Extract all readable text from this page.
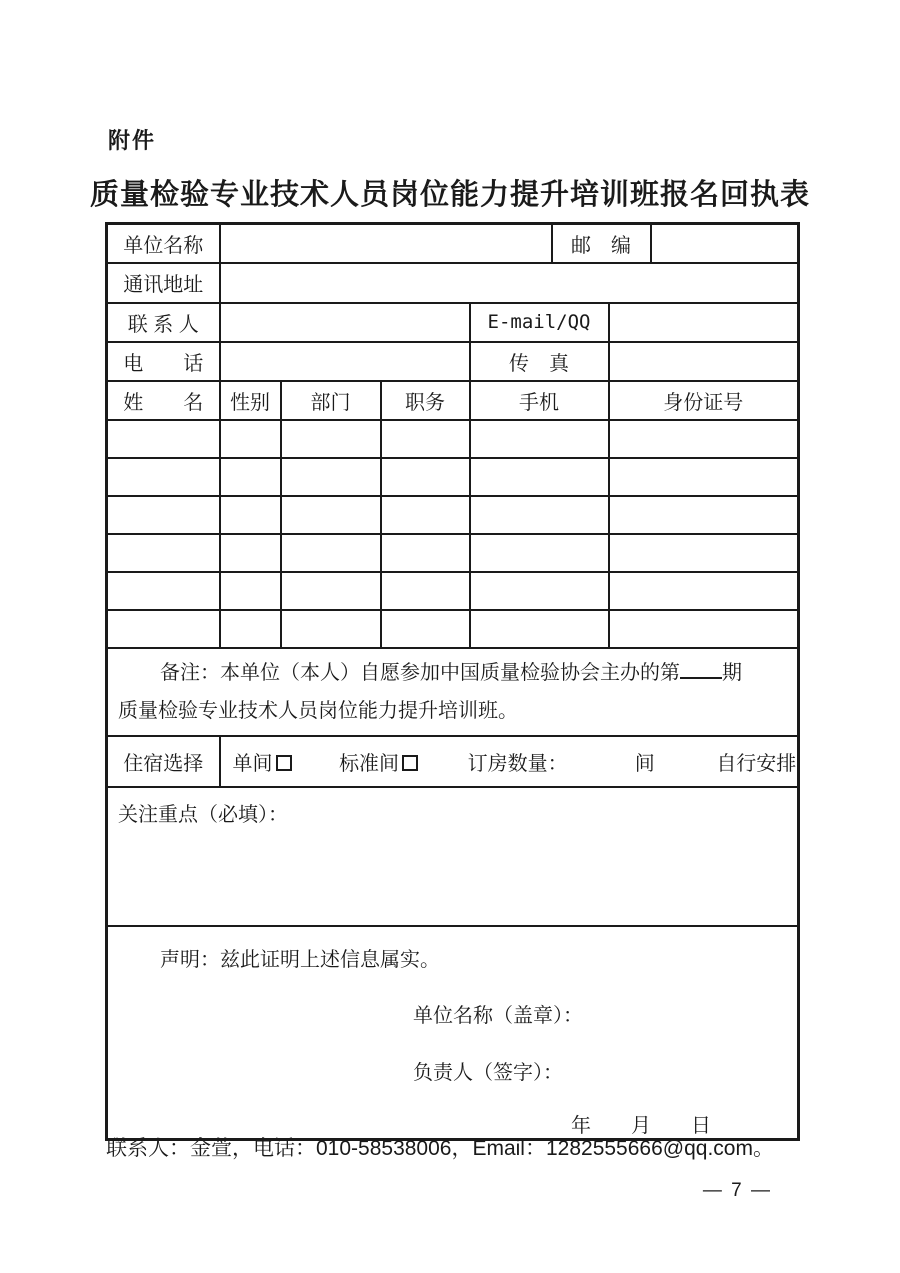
附件
质量检验专业技术人员岗位能力提升培训班报名回执表
单位名称					邮　编		
通讯地址							
联 系 人				E-mail/QQ			
电　　话				传　真			
姓　　名	性别	部门	职务	手机		身份证号	

备注：本单位（本人）自愿参加中国质量检验协会主办的第 期
质量检验专业技术人员岗位能力提升培训班。							

住宿选择	单间 标准间 订房数量： 间 自行安排						
关注重点（必填）：							

声明：兹此证明上述信息属实。
单位名称（盖章）：
负责人（签字）：
年　　月　　日							
联系人：金萱，电话：010-58538006，Email：1282555666@qq.com。
— 7 —
